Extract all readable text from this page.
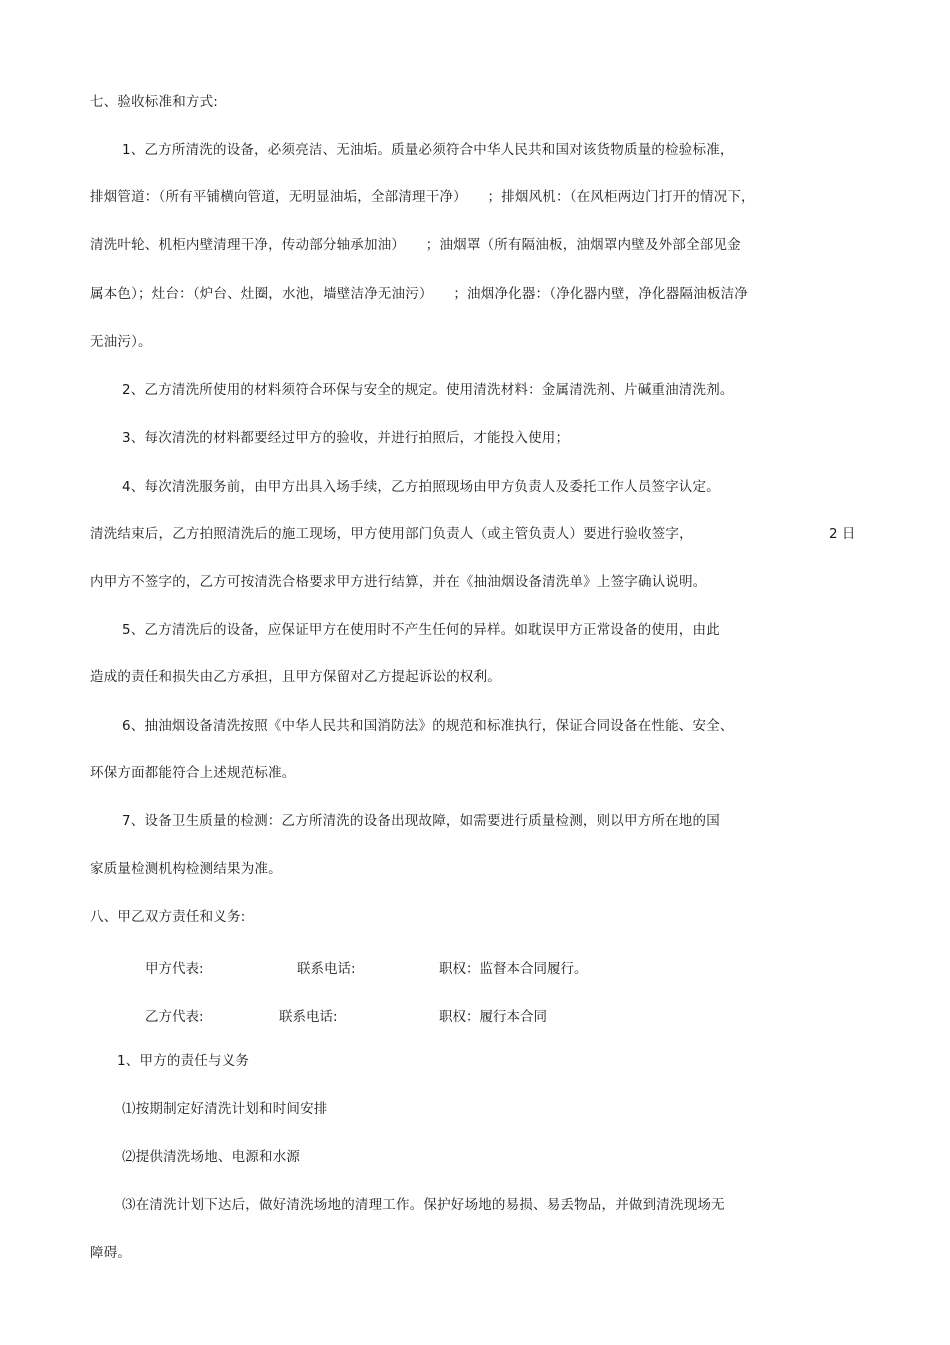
七、验收标准和方式:
1、乙方所清洗的设备，必须亮洁、无油垢。质量必须符合中华人民共和国对该货物质量的检验标准，
排烟管道：（所有平铺横向管道，无明显油垢，全部清理干净）　　；排烟风机：（在风柜两边门打开的情况下，
清洗叶轮、机柜内壁清理干净，传动部分轴承加油）　　；油烟罩（所有隔油板，油烟罩内壁及外部全部见金
属本色）；灶台：（炉台、灶圈，水池，墙壁洁净无油污）　　；油烟净化器：（净化器内壁，净化器隔油板洁净
无油污）。
2、乙方清洗所使用的材料须符合环保与安全的规定。使用清洗材料：金属清洗剂、片碱重油清洗剂。
3、每次清洗的材料都要经过甲方的验收，并进行拍照后，才能投入使用；
4、每次清洗服务前，由甲方出具入场手续，乙方拍照现场由甲方负责人及委托工作人员签字认定。
清洗结束后，乙方拍照清洗后的施工现场，甲方使用部门负责人（或主管负责人）要进行验收签字，	2 日
内甲方不签字的，乙方可按清洗合格要求甲方进行结算，并在《抽油烟设备清洗单》上签字确认说明。
5、乙方清洗后的设备，应保证甲方在使用时不产生任何的异样。如耽误甲方正常设备的使用，由此
造成的责任和损失由乙方承担，且甲方保留对乙方提起诉讼的权利。
6、抽油烟设备清洗按照《中华人民共和国消防法》的规范和标准执行，保证合同设备在性能、安全、
环保方面都能符合上述规范标准。
7、设备卫生质量的检测：乙方所清洗的设备出现故障，如需要进行质量检测，则以甲方所在地的国
家质量检测机构检测结果为准。
八、甲乙双方责任和义务:
甲方代表:	联系电话:	职权：监督本合同履行。
乙方代表:	联系电话:	职权：履行本合同
1、甲方的责任与义务
⑴按期制定好清洗计划和时间安排
⑵提供清洗场地、电源和水源
⑶在清洗计划下达后，做好清洗场地的清理工作。保护好场地的易损、易丢物品，并做到清洗现场无
障碍。
